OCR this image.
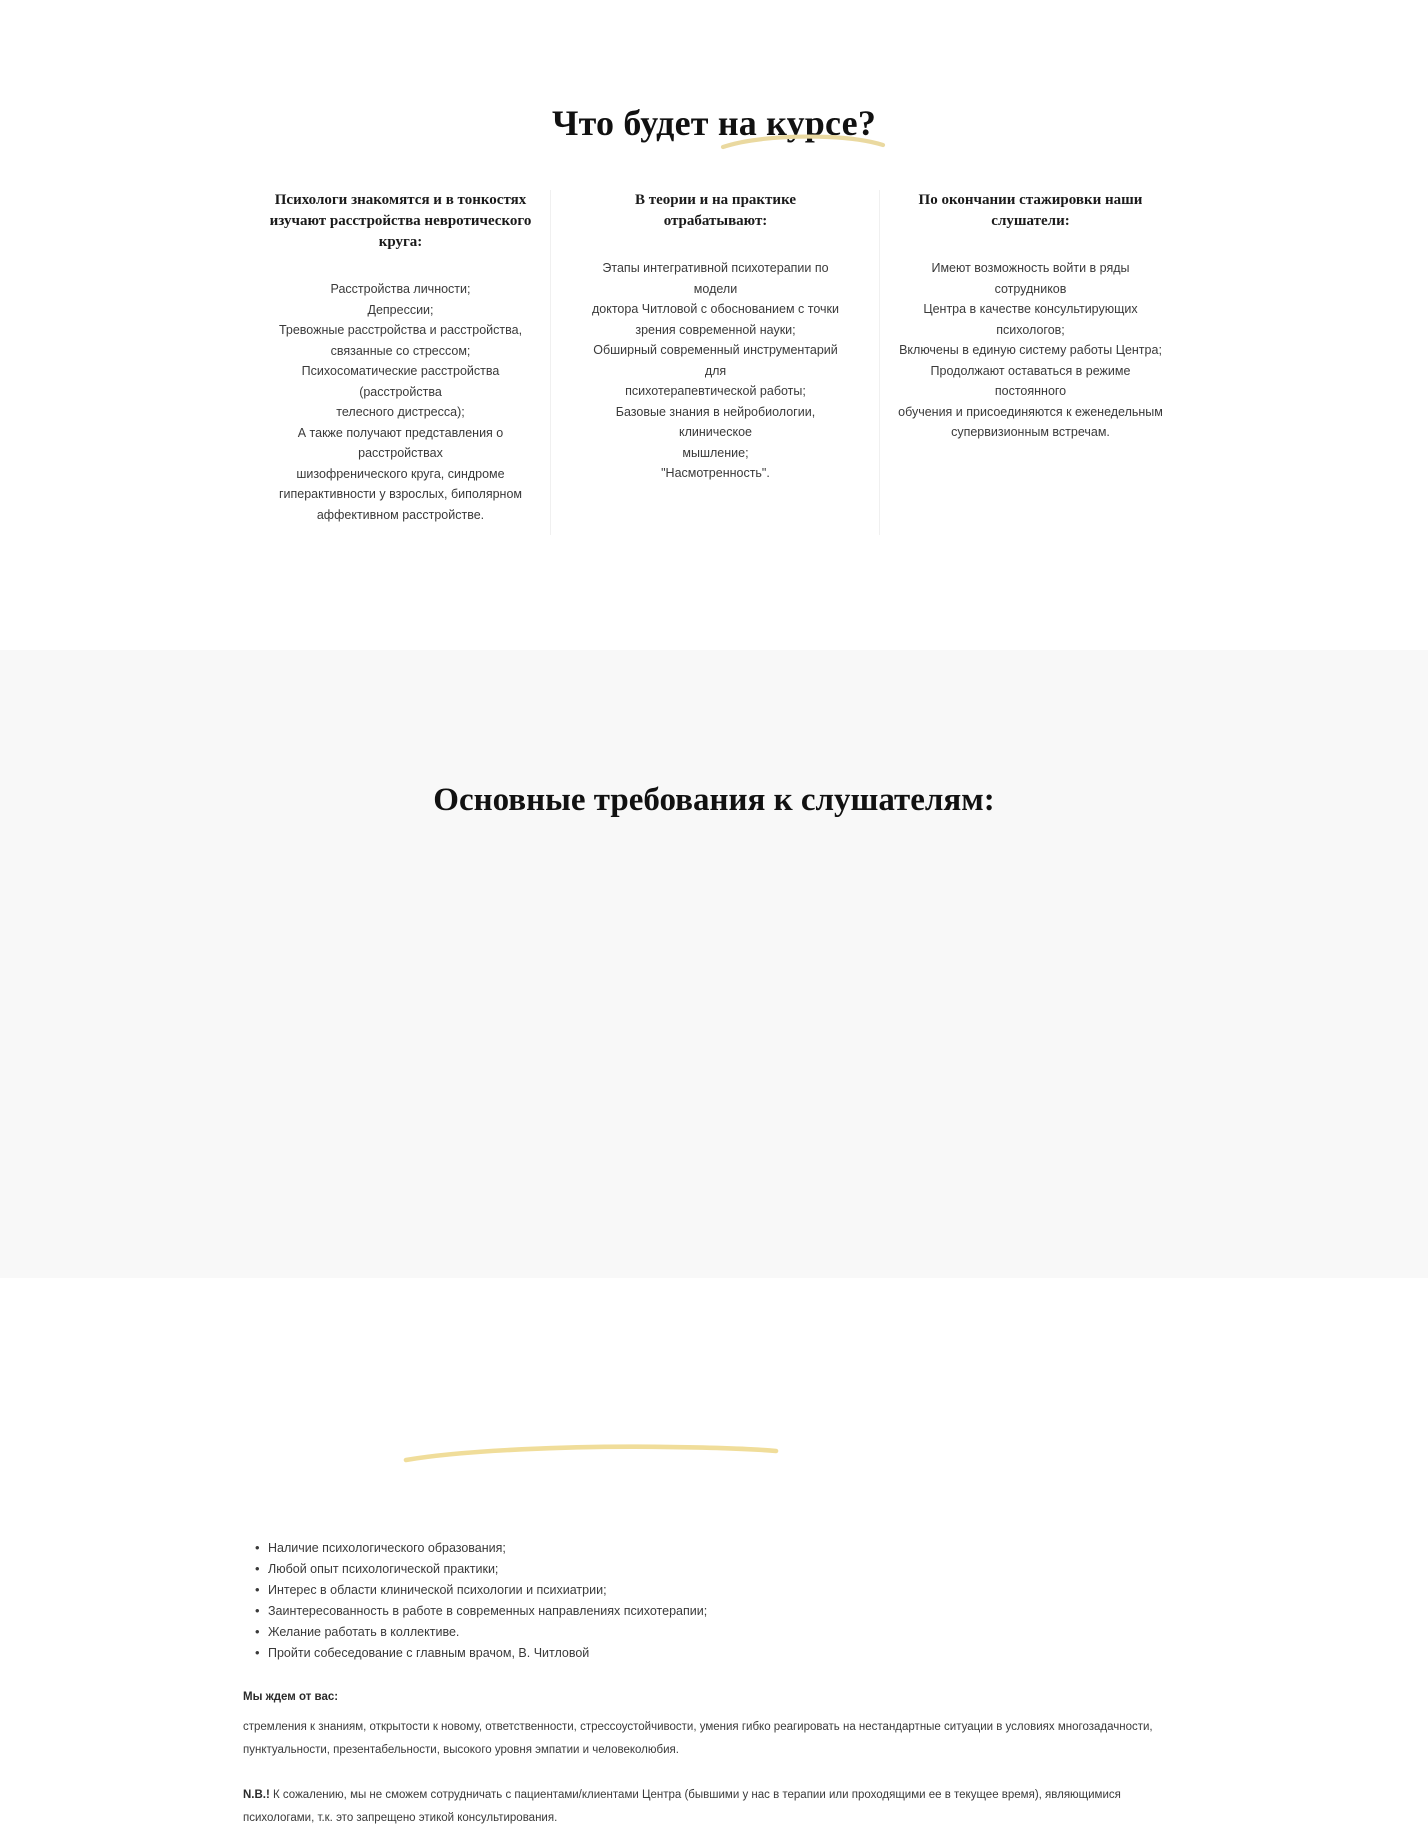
Что будет на курсе?
Психологи знакомятся и в тонкостях изучают расстройства невротического круга:
Расстройства личности;
Депрессии;
Тревожные расстройства и расстройства,
связанные со стрессом;
Психосоматические расстройства (расстройства
телесного дистресса);
А также получают представления о расстройствах
шизофренического круга, синдроме
гиперактивности у взрослых, биполярном
аффективном расстройстве.
В теории и на практике отрабатывают:
Этапы интегративной психотерапии по модели
доктора Читловой с обоснованием с точки
зрения современной науки;
Обширный современный инструментарий для
психотерапевтической работы;
Базовые знания в нейробиологии, клиническое
мышление;
"Насмотренность".
По окончании стажировки наши слушатели:
Имеют возможность войти в ряды сотрудников
Центра в качестве консультирующих психологов;
Включены в единую систему работы Центра;
Продолжают оставаться в режиме постоянного
обучения и присоединяются к еженедельным
супервизионным встречам.
Основные требования к слушателям:
• Наличие психологического образования;
• Любой опыт психологической практики;
• Интерес в области клинической психологии и психиатрии;
• Заинтересованность в работе в современных направлениях психотерапии;
• Желание работать в коллективе.
• Пройти собеседование с главным врачом, В. Читловой

Мы ждем от вас:

стремления к знаниям, открытости к новому, ответственности, стрессоустойчивости, умения гибко реагировать на нестандартные ситуации в условиях многозадачности, пунктуальности, презентабельности, высокого уровня эмпатии и человеколюбия.

N.B.! К сожалению, мы не сможем сотрудничать с пациентами/клиентами Центра (бывшими у нас в терапии или проходящими ее в текущее время), являющимися психологами, т.к. это запрещено этикой консультирования.
